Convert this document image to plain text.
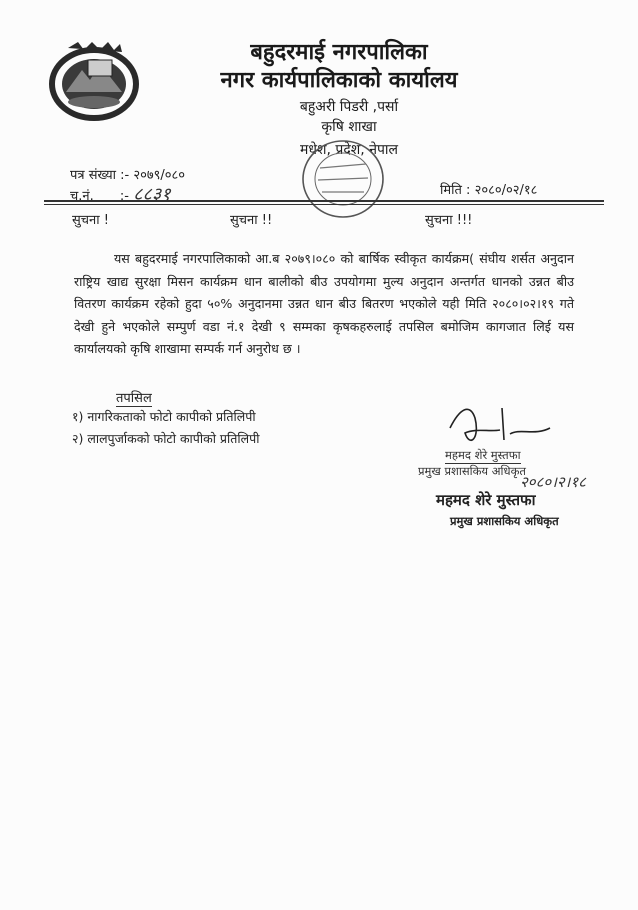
बहुदरमाई नगरपालिका
नगर कार्यपालिकाको कार्यालय
बहुअरी पिडरी ,पर्सा
कृषि शाखा
मधेश, प्रदेश, नेपाल
पत्र संख्या :- २०७९/०८०
च.नं. :- ८८३१	मिति : २०८०/०२/१८
सुचना !	सुचना !!	सुचना !!!
यस बहुदरमाई नगरपालिकाको आ.ब २०७९।०८० को बार्षिक स्वीकृत कार्यक्रम( संघीय शर्सत अनुदान राष्ट्रिय खाद्य सुरक्षा मिसन कार्यक्रम धान बालीको बीउ उपयोगमा मुल्य अनुदान अन्तर्गत धानको उन्नत बीउ वितरण कार्यक्रम रहेको हुदा ५०% अनुदानमा उन्नत धान बीउ बितरण भएकोले यही मिति २०८०।०२।१९ गते देखी हुने भएकोले सम्पुर्ण वडा नं.१ देखी ९ सम्मका कृषकहरुलाई तपसिल बमोजिम कागजात लिई यस कार्यालयको कृषि शाखामा सम्पर्क गर्न अनुरोध छ ।
तपसिल
१) नागरिकताको फोटो कापीको प्रतिलिपी
२) लालपुर्जाकको फोटो कापीको प्रतिलिपी
महमद शेरे मुस्तफा
प्रमुख प्रशासकिय अधिकृत
२०८०।२।१८
महमद शेरे मुस्तफा
प्रमुख प्रशासकिय अधिकृत
